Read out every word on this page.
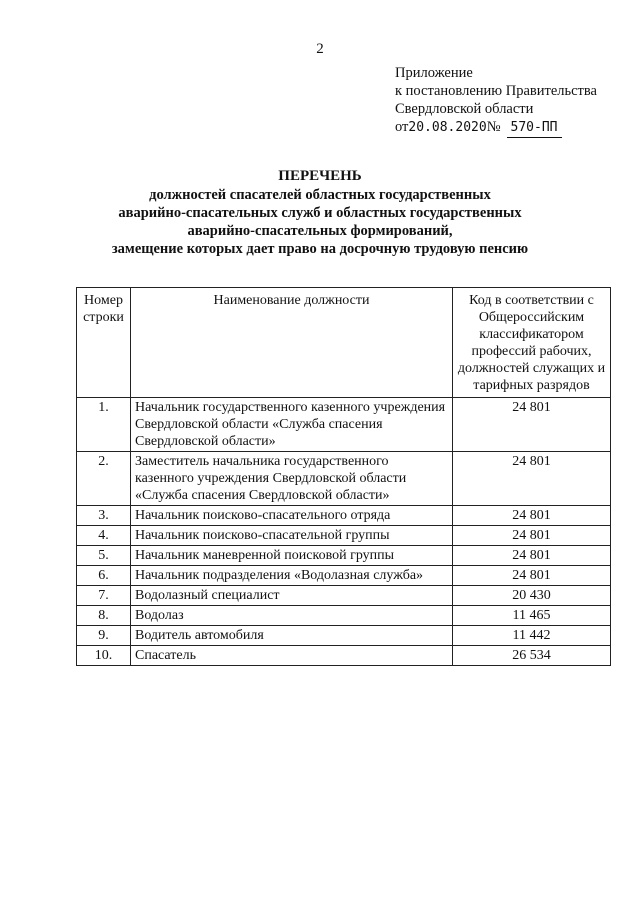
2
Приложение
к постановлению Правительства
Свердловской области
от20.08.2020№ 570-ПП
ПЕРЕЧЕНЬ
должностей спасателей областных государственных
аварийно-спасательных служб и областных государственных
аварийно-спасательных формирований,
замещение которых дает право на досрочную трудовую пенсию
Номер строки	Наименование должности	Код в соответствии с Общероссийским классификатором профессий рабочих, должностей служащих и тарифных разрядов
1.	Начальник государственного казенного учреждения Свердловской области «Служба спасения Свердловской области»	24 801
2.	Заместитель начальника государственного казенного учреждения Свердловской области «Служба спасения Свердловской области»	24 801
3.	Начальник поисково-спасательного отряда	24 801
4.	Начальник поисково-спасательной группы	24 801
5.	Начальник маневренной поисковой группы	24 801
6.	Начальник подразделения «Водолазная служба»	24 801
7.	Водолазный специалист	20 430
8.	Водолаз	11 465
9.	Водитель автомобиля	11 442
10.	Спасатель	26 534
